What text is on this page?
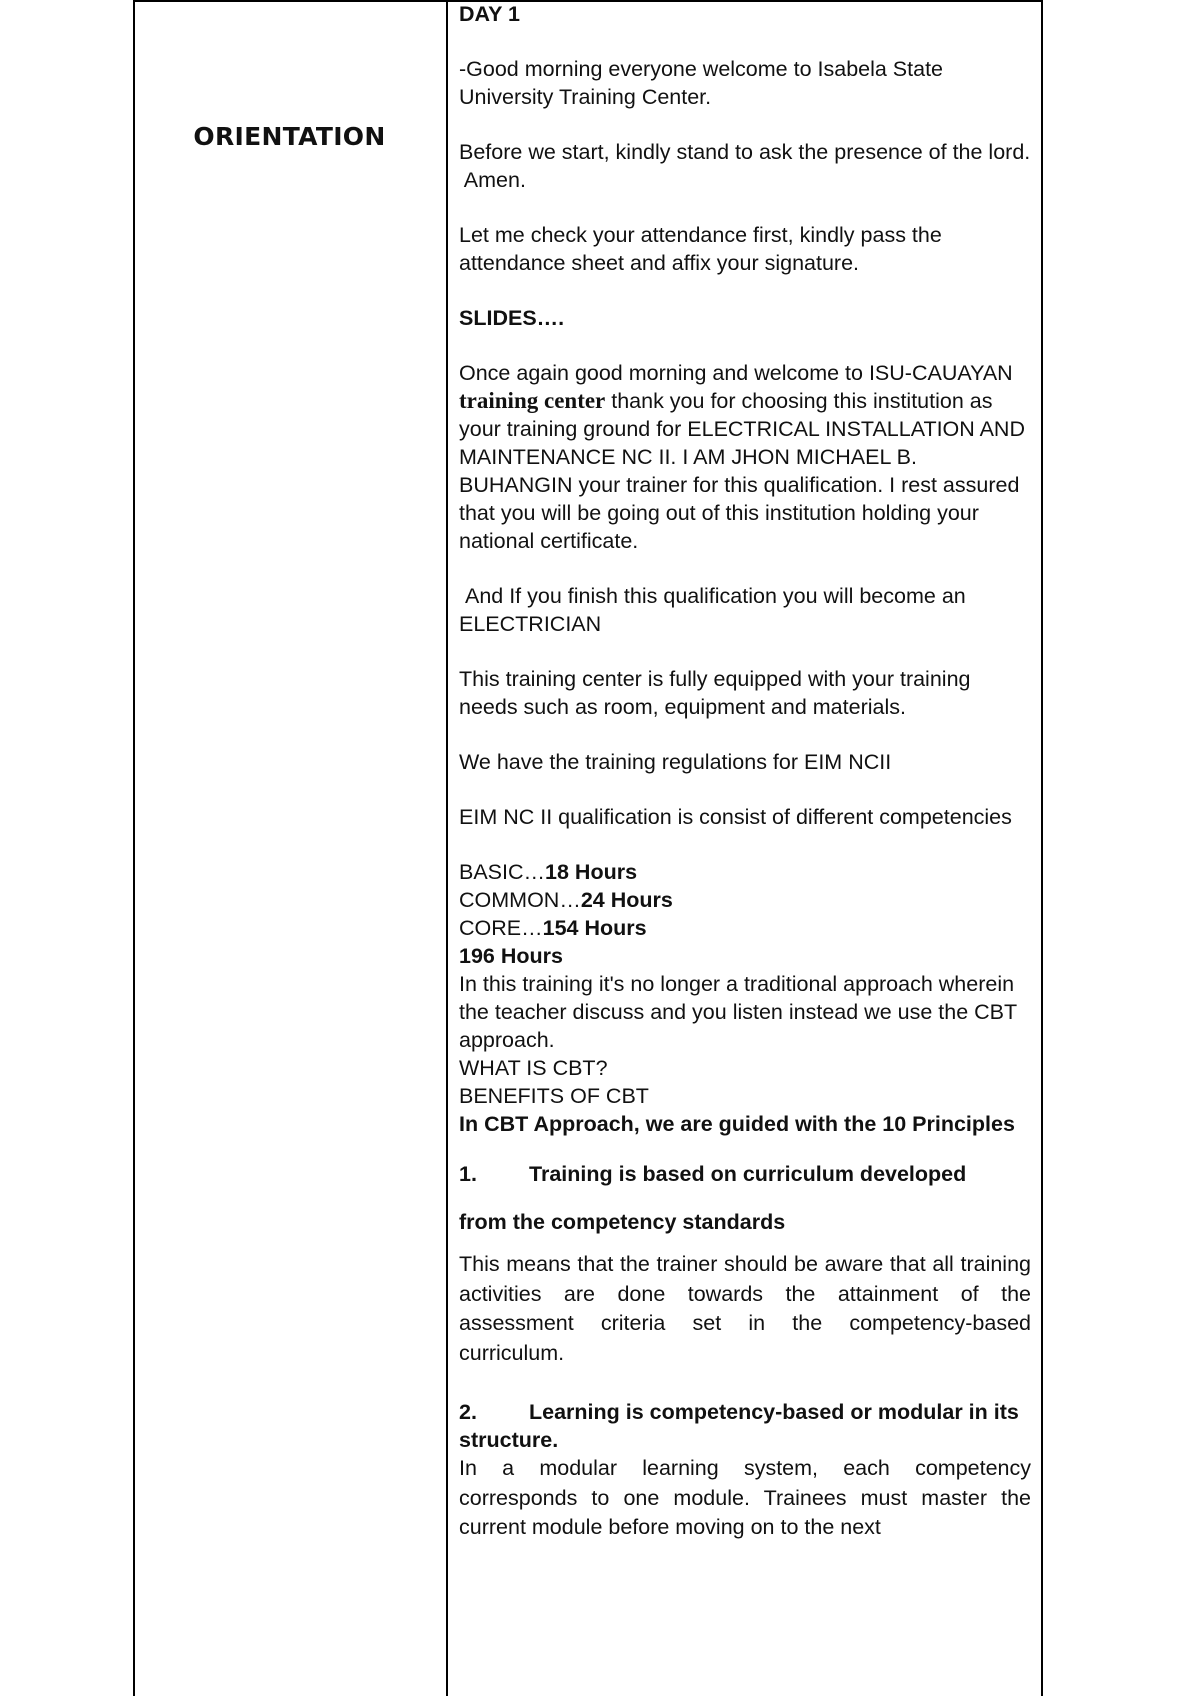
ORIENTATION

DAY 1

-Good morning everyone welcome to Isabela State University Training Center.

Before we start, kindly stand to ask the presence of the lord.

Amen.

Let me check your attendance first, kindly pass the attendance sheet and affix your signature.

SLIDES….

Once again good morning and welcome to ISU-CAUAYAN training center thank you for choosing this institution as your training ground for ELECTRICAL INSTALLATION AND MAINTENANCE NC II. I AM JHON MICHAEL B. BUHANGIN your trainer for this qualification. I rest assured that you will be going out of this institution holding your national certificate.

And If you finish this qualification you will become an ELECTRICIAN

This training center is fully equipped with your training needs such as room, equipment and materials.

We have the training regulations for EIM NCII

EIM NC II qualification is consist of different competencies

BASIC…18 Hours

COMMON…24 Hours

CORE…154 Hours

196 Hours

In this training it's no longer a traditional approach wherein the teacher discuss and you listen instead we use the CBT approach.

WHAT IS CBT?

BENEFITS OF CBT

In CBT Approach, we are guided with the 10 Principles

1. Training is based on curriculum developed

from the competency standards

This means that the trainer should be aware that all training activities are done towards the attainment of the assessment criteria set in the competency-based curriculum.

2. Learning is competency-based or modular in its structure.

In a modular learning system, each competency corresponds to one module. Trainees must master the current module before moving on to the next
